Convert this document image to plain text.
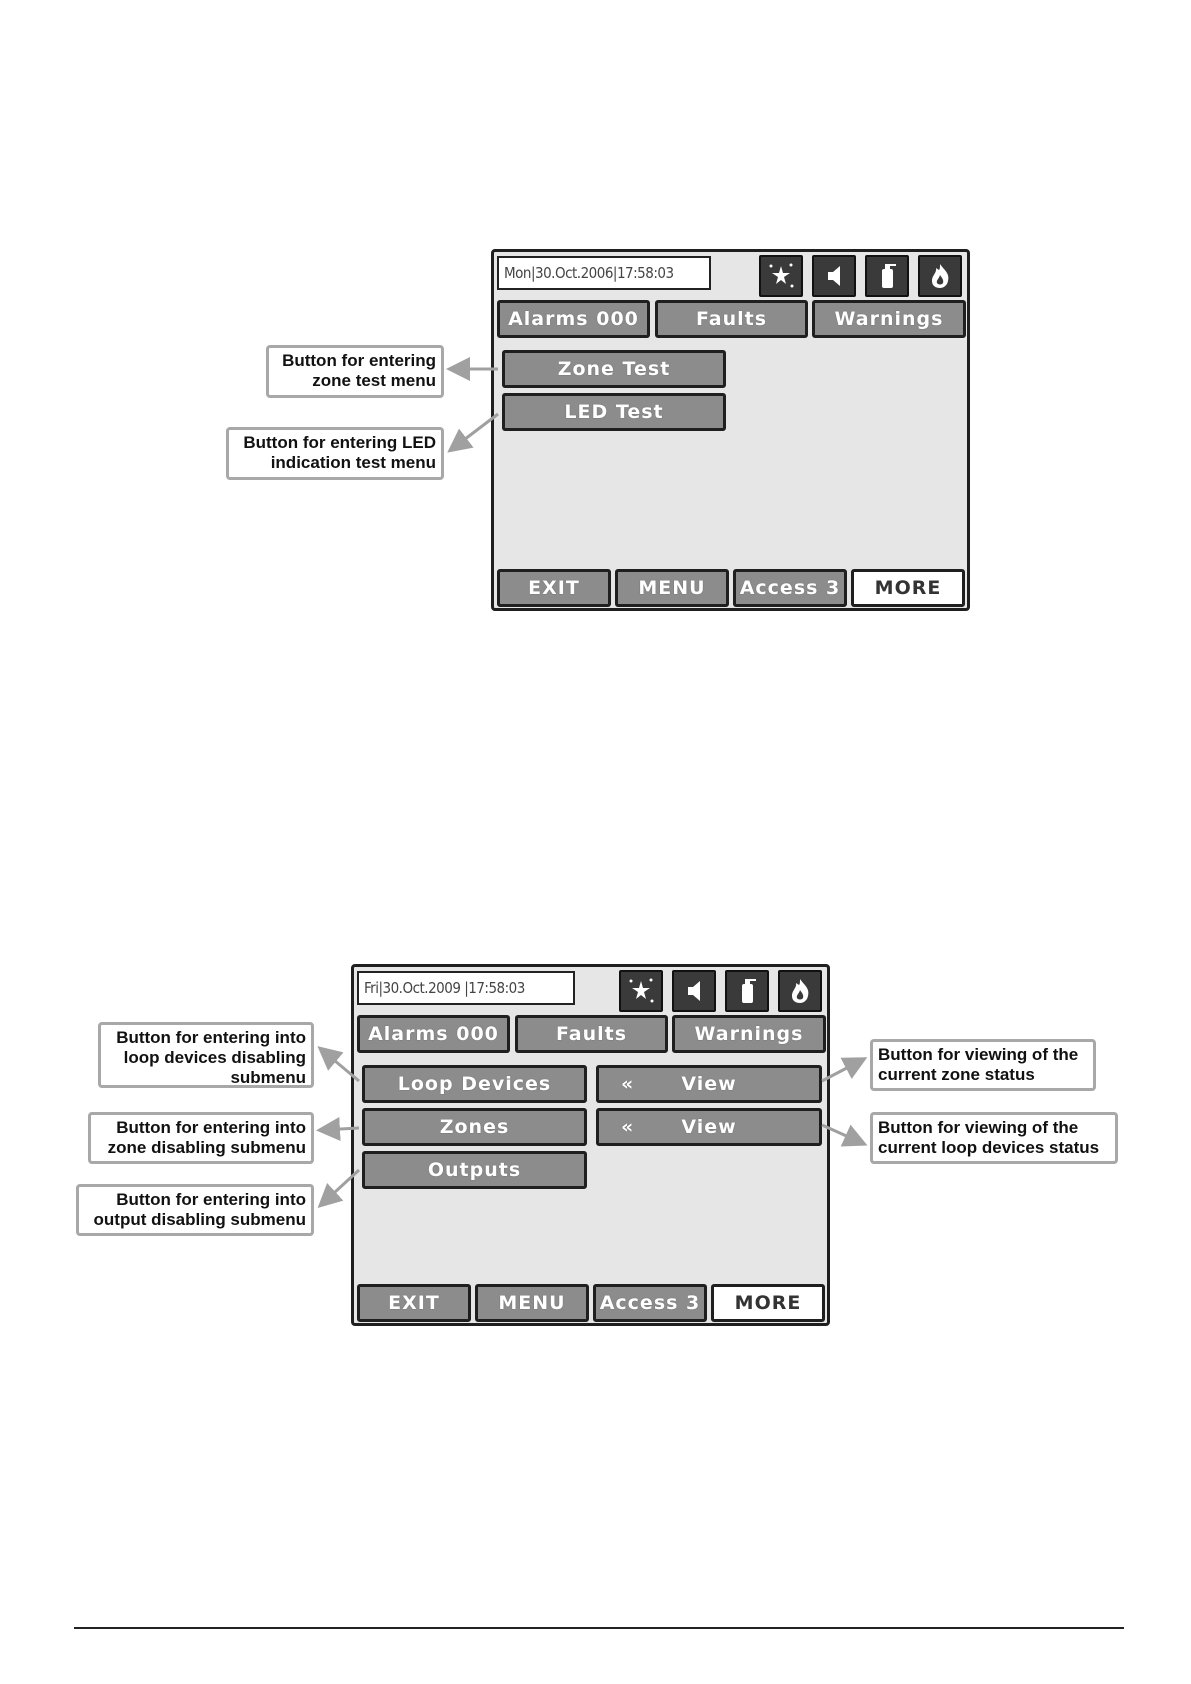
Mon|30.Oct.2006|17:58:03
Alarms 000	Faults	Warnings
Zone Test
LED Test
EXIT	MENU	Access 3	MORE
Button for entering
zone test menu
Button for entering LED
indication test menu
Fri|30.Oct.2009 |17:58:03
Alarms 000	Faults	Warnings
Loop Devices
Zones
Outputs
« View
« View
EXIT	MENU	Access 3	MORE
Button for entering into
loop devices disabling
submenu
Button for entering into
zone disabling submenu
Button for entering into
output disabling submenu
Button for viewing of the
current zone status
Button for viewing of the
current loop devices status
